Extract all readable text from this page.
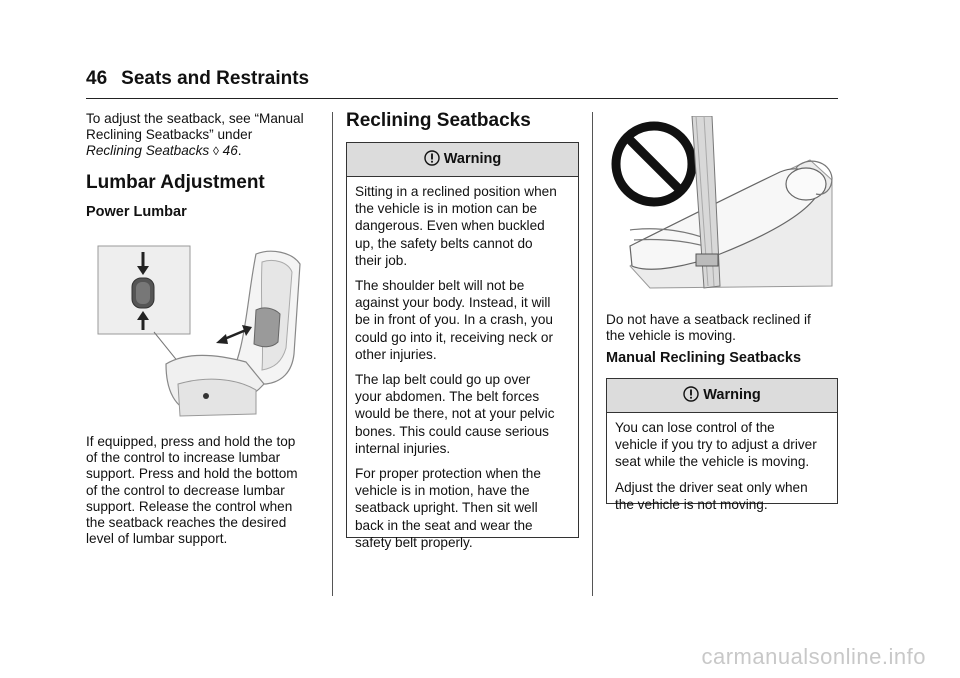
46 Seats and Restraints

To adjust the seatback, see “Manual
Reclining Seatbacks” under
Reclining Seatbacks ◊ 46.

Lumbar Adjustment
Power Lumbar

If equipped, press and hold the top
of the control to increase lumbar
support. Press and hold the bottom
of the control to decrease lumbar
support. Release the control when
the seatback reaches the desired
level of lumbar support.

Reclining Seatbacks
Warning

Sitting in a reclined position when
the vehicle is in motion can be
dangerous. Even when buckled
up, the safety belts cannot do
their job.

The shoulder belt will not be
against your body. Instead, it will
be in front of you. In a crash, you
could go into it, receiving neck or
other injuries.

The lap belt could go up over
your abdomen. The belt forces
would be there, not at your pelvic
bones. This could cause serious
internal injuries.

For proper protection when the
vehicle is in motion, have the
seatback upright. Then sit well
back in the seat and wear the
safety belt properly.

Do not have a seatback reclined if
the vehicle is moving.

Manual Reclining Seatbacks
Warning

You can lose control of the
vehicle if you try to adjust a driver
seat while the vehicle is moving.

Adjust the driver seat only when
the vehicle is not moving.

carmanualsonline.info
